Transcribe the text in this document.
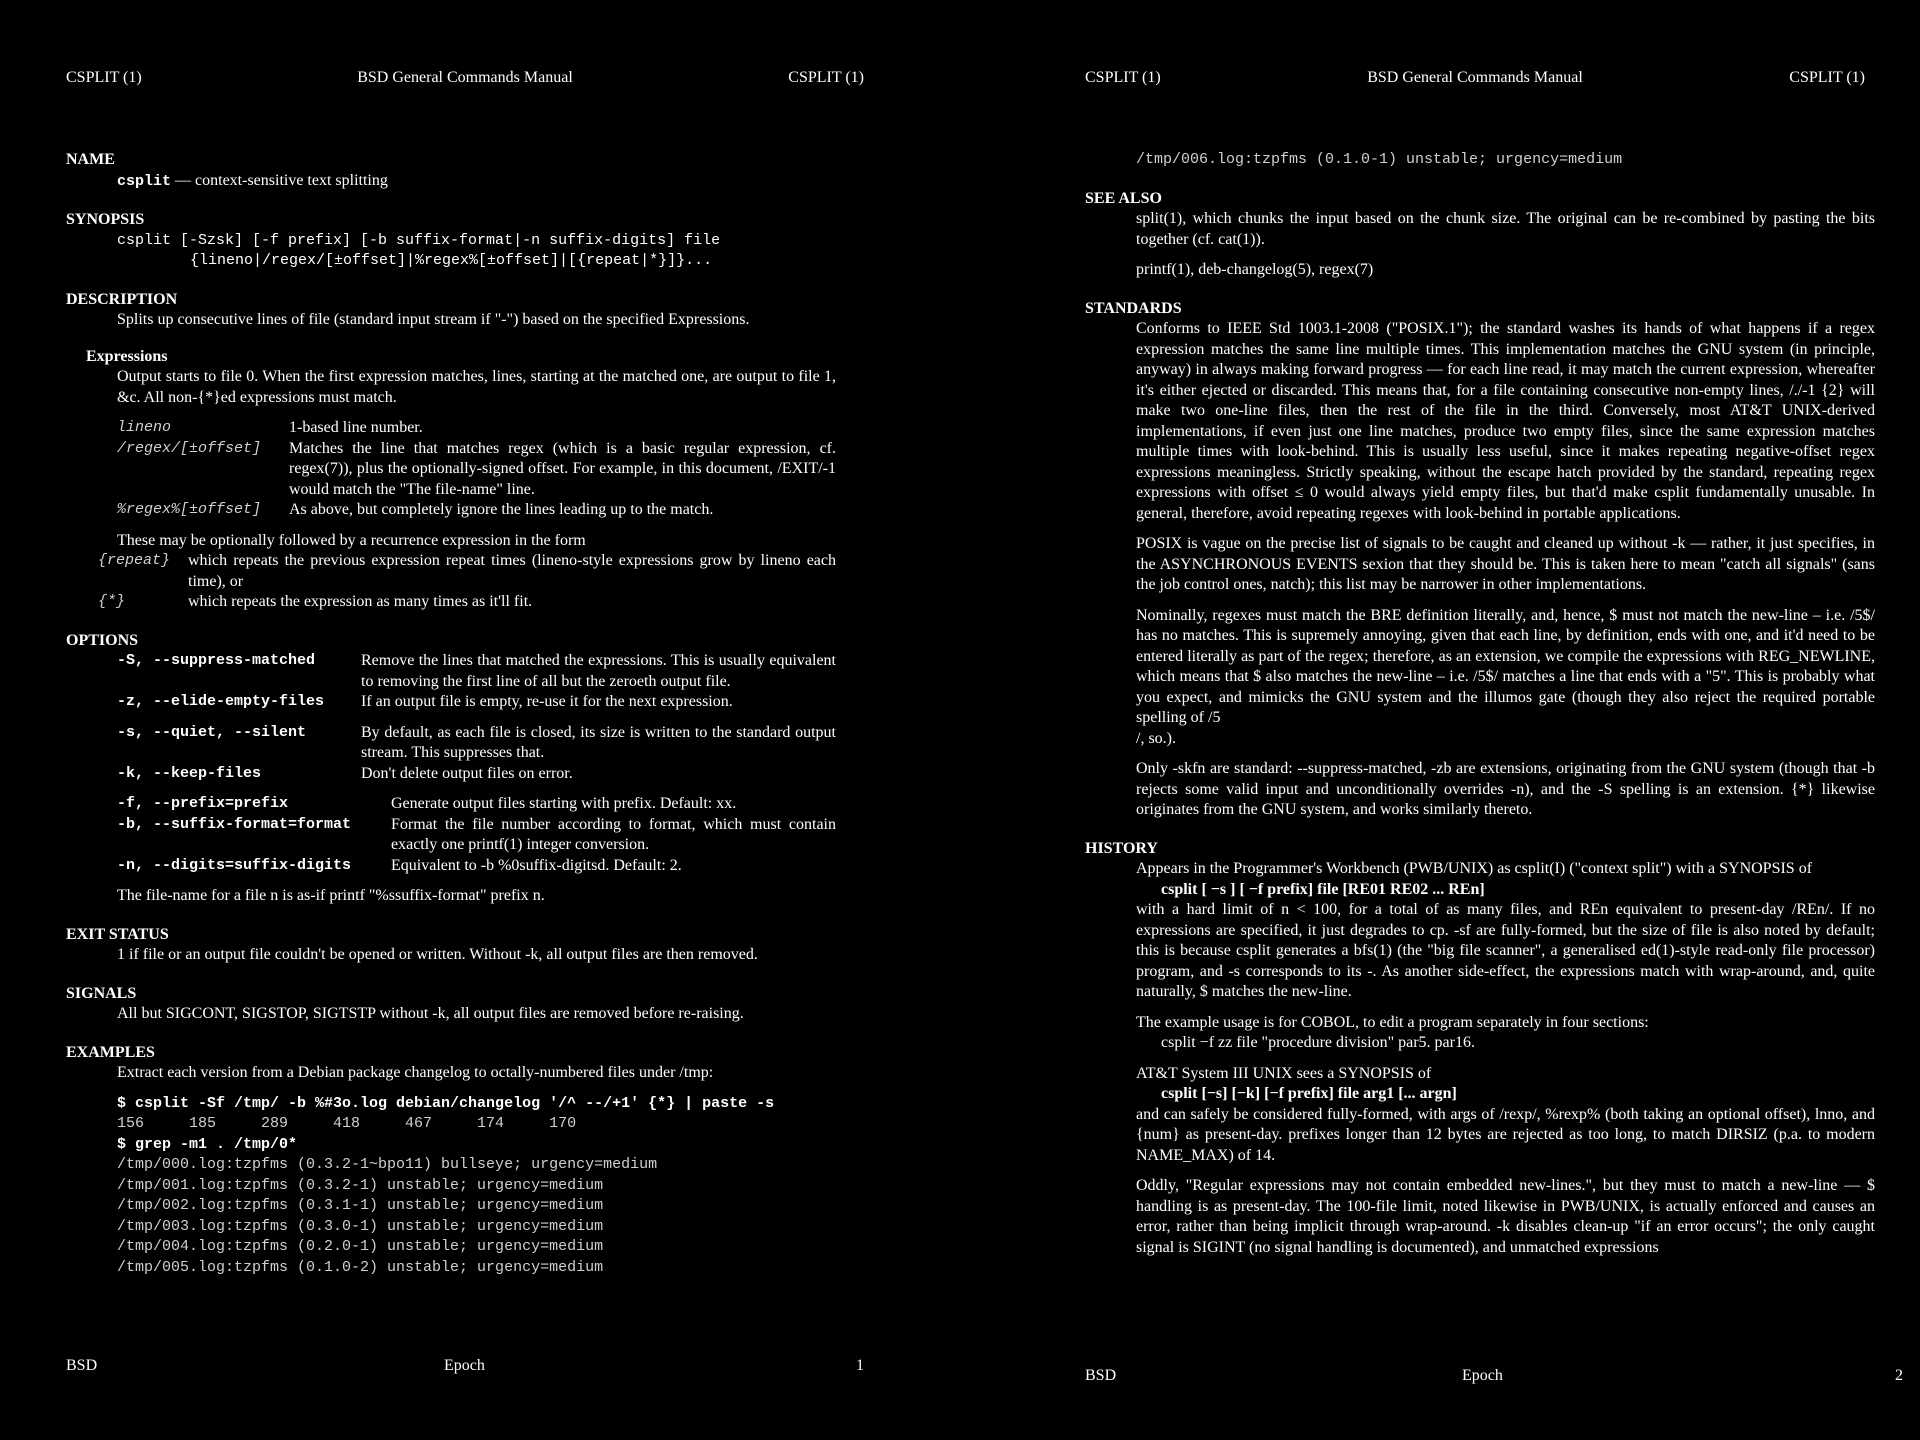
CSPLIT (1)	BSD General Commands Manual	CSPLIT (1)
NAME
csplit — context-sensitive text splitting
SYNOPSIS
csplit [-Szsk] [-f prefix] [-b suffix-format|-n suffix-digits] file
{lineno|/regex/[±offset]|%regex%[±offset]|[{repeat|*}]}...
DESCRIPTION
Splits up consecutive lines of file (standard input stream if "-") based on the specified Expressions.
Expressions
Output starts to file 0. When the first expression matches, lines, starting at the matched one, are output to file 1, &c. All non-{*}ed expressions must match.
lineno	1-based line number.
/regex/[±offset]	Matches the line that matches regex (which is a basic regular expression, cf. regex(7)), plus the optionally-signed offset. For example, in this document, /EXIT/-1 would match the "The file-name" line.
%regex%[±offset]	As above, but completely ignore the lines leading up to the match.
These may be optionally followed by a recurrence expression in the form
{repeat}	which repeats the previous expression repeat times (lineno-style expressions grow by lineno each time), or
{*}	which repeats the expression as many times as it'll fit.
OPTIONS
-S, --suppress-matched	Remove the lines that matched the expressions. This is usually equivalent to removing the first line of all but the zeroeth output file.
-z, --elide-empty-files	If an output file is empty, re-use it for the next expression.
-s, --quiet, --silent	By default, as each file is closed, its size is written to the standard output stream. This suppresses that.
-k, --keep-files	Don't delete output files on error.
-f, --prefix=prefix	Generate output files starting with prefix. Default: xx.
-b, --suffix-format=format	Format the file number according to format, which must contain exactly one printf(1) integer conversion.
-n, --digits=suffix-digits	Equivalent to -b %0suffix-digitsd. Default: 2.
The file-name for a file n is as-if printf "%ssuffix-format" prefix n.
EXIT STATUS
1 if file or an output file couldn't be opened or written. Without -k, all output files are then removed.
SIGNALS
All but SIGCONT, SIGSTOP, SIGTSTP without -k, all output files are removed before re-raising.
EXAMPLES
Extract each version from a Debian package changelog to octally-numbered files under /tmp:
$ csplit -Sf /tmp/ -b %#3o.log debian/changelog '/^ --/+1' {*} | paste -s
156     185     289     418     467     174     170
$ grep -m1 . /tmp/0*
/tmp/000.log:tzpfms (0.3.2-1~bpo11) bullseye; urgency=medium
/tmp/001.log:tzpfms (0.3.2-1) unstable; urgency=medium
/tmp/002.log:tzpfms (0.3.1-1) unstable; urgency=medium
/tmp/003.log:tzpfms (0.3.0-1) unstable; urgency=medium
/tmp/004.log:tzpfms (0.2.0-1) unstable; urgency=medium
/tmp/005.log:tzpfms (0.1.0-2) unstable; urgency=medium
BSD	Epoch	1
CSPLIT (1)	BSD General Commands Manual	CSPLIT (1)
/tmp/006.log:tzpfms (0.1.0-1) unstable; urgency=medium
SEE ALSO
split(1), which chunks the input based on the chunk size. The original can be re-combined by pasting the bits together (cf. cat(1)).
printf(1), deb-changelog(5), regex(7)
STANDARDS
Conforms to IEEE Std 1003.1-2008 ("POSIX.1"); the standard washes its hands of what happens if a regex expression matches the same line multiple times. This implementation matches the GNU system (in principle, anyway) in always making forward progress — for each line read, it may match the current expression, whereafter it's either ejected or discarded. This means that, for a file containing consecutive non-empty lines, /./-1 {2} will make two one-line files, then the rest of the file in the third. Conversely, most AT&T UNIX-derived implementations, if even just one line matches, produce two empty files, since the same expression matches multiple times with look-behind. This is usually less useful, since it makes repeating negative-offset regex expressions meaningless. Strictly speaking, without the escape hatch provided by the standard, repeating regex expressions with offset ≤ 0 would always yield empty files, but that'd make csplit fundamentally unusable. In general, therefore, avoid repeating regexes with look-behind in portable applications.
POSIX is vague on the precise list of signals to be caught and cleaned up without -k — rather, it just specifies, in the ASYNCHRONOUS EVENTS sexion that they should be. This is taken here to mean "catch all signals" (sans the job control ones, natch); this list may be narrower in other implementations.
Nominally, regexes must match the BRE definition literally, and, hence, $ must not match the new-line – i.e. /5$/ has no matches. This is supremely annoying, given that each line, by definition, ends with one, and it'd need to be entered literally as part of the regex; therefore, as an extension, we compile the expressions with REG_NEWLINE, which means that $ also matches the new-line – i.e. /5$/ matches a line that ends with a "5". This is probably what you expect, and mimicks the GNU system and the illumos gate (though they also reject the required portable spelling of /5
/, so.).
Only -skfn are standard: --suppress-matched, -zb are extensions, originating from the GNU system (though that -b rejects some valid input and unconditionally overrides -n), and the -S spelling is an extension. {*} likewise originates from the GNU system, and works similarly thereto.
HISTORY
Appears in the Programmer's Workbench (PWB/UNIX) as csplit(I) ("context split") with a SYNOPSIS of
csplit [ −s ] [ −f prefix] file [RE01 RE02 ... REn]
with a hard limit of n < 100, for a total of as many files, and REn equivalent to present-day /REn/. If no expressions are specified, it just degrades to cp. -sf are fully-formed, but the size of file is also noted by default; this is because csplit generates a bfs(1) (the "big file scanner", a generalised ed(1)-style read-only file processor) program, and -s corresponds to its -. As another side-effect, the expressions match with wrap-around, and, quite naturally, $ matches the new-line.
The example usage is for COBOL, to edit a program separately in four sections:
csplit −f zz file "procedure division" par5. par16.
AT&T System III UNIX sees a SYNOPSIS of
csplit [−s] [−k] [−f prefix] file arg1 [... argn]
and can safely be considered fully-formed, with args of /rexp/, %rexp% (both taking an optional offset), lnno, and {num} as present-day. prefixes longer than 12 bytes are rejected as too long, to match DIRSIZ (p.a. to modern NAME_MAX) of 14.
Oddly, "Regular expressions may not contain embedded new-lines.", but they must to match a new-line — $ handling is as present-day. The 100-file limit, noted likewise in PWB/UNIX, is actually enforced and causes an error, rather than being implicit through wrap-around. -k disables clean-up "if an error occurs"; the only caught signal is SIGINT (no signal handling is documented), and unmatched expressions
BSD	Epoch	2
